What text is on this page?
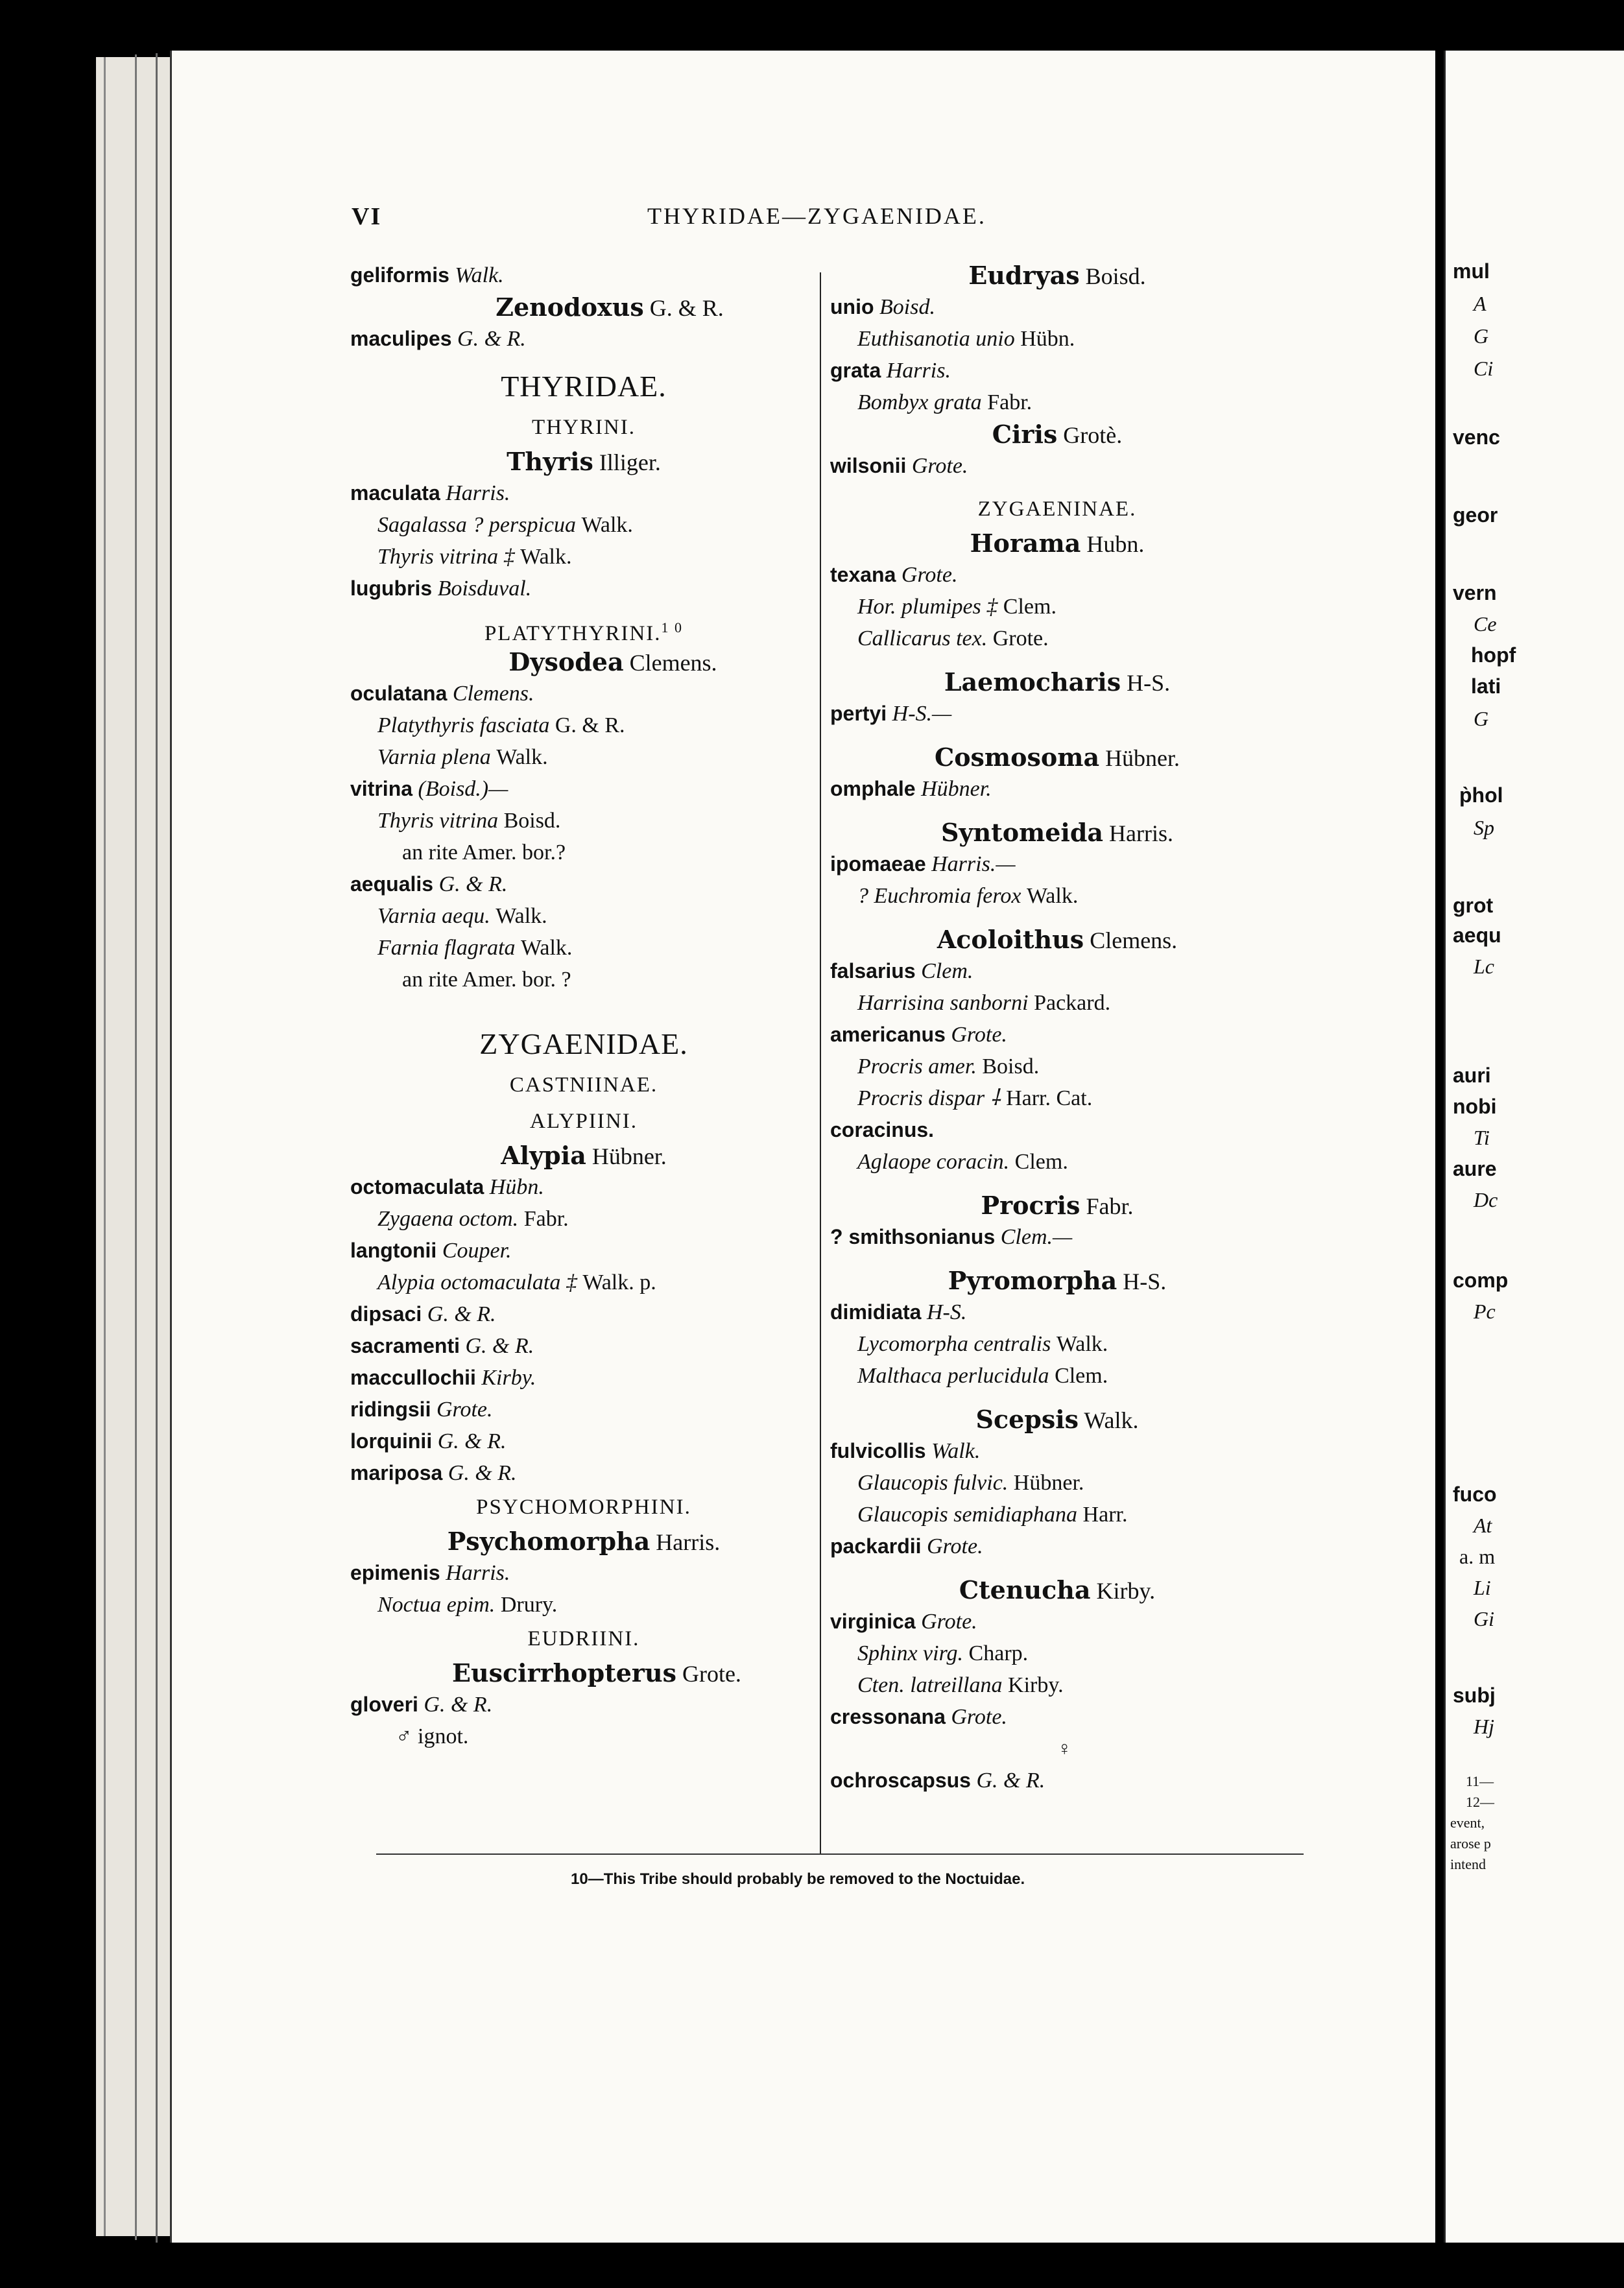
VI	THYRIDAE—ZYGAENIDAE.
geliformis Walk.
Zenodoxus G. & R.
maculipes G. & R.
THYRIDAE.
THYRINI.
Thyris Illiger.
maculata Harris.
Sagalassa ? perspicua Walk.
Thyris vitrina ‡ Walk.
lugubris Boisduval.
PLATYTHYRINI.$^{1 0}$
Dysodea Clemens.
oculatana Clemens.
Platythyris fasciata G. & R.
Varnia plena Walk.
vitrina (Boisd.)—
Thyris vitrina Boisd.
an rite Amer. bor.?
aequalis G. & R.
Varnia aequ. Walk.
Farnia flagrata Walk.
an rite Amer. bor. ?
ZYGAENIDAE.
CASTNIINAE.
ALYPIINI.
Alypia Hübner.
octomaculata Hübn.
Zygaena octom. Fabr.
langtonii Couper.
Alypia octomaculata ‡ Walk. p.
dipsaci G. & R.
sacramenti G. & R.
maccullochii Kirby.
ridingsii Grote.
lorquinii G. & R.
mariposa G. & R.
PSYCHOMORPHINI.
Psychomorpha Harris.
epimenis Harris.
Noctua epim. Drury.
EUDRIINI.
Euscirrhopterus Grote.
gloveri G. & R.
♂ ignot.
Eudryas Boisd.
unio Boisd.
Euthisanotia unio Hübn.
grata Harris.
Bombyx grata Fabr.
Ciris Grotè.
wilsonii Grote.
ZYGAENINAE.
Horama Hubn.
texana Grote.
Hor. plumipes ‡ Clem.
Callicarus tex. Grote.
Laemocharis H-S.
pertyi H-S.—
Cosmosoma Hübner.
omphale Hübner.
Syntomeida Harris.
ipomaeae Harris.—
? Euchromia ferox Walk.
Acoloithus Clemens.
falsarius Clem.
Harrisina sanborni Packard.
americanus Grote.
Procris amer. Boisd.
Procris dispar ⸸ Harr. Cat.
coracinus.
Aglaope coracin. Clem.
Procris Fabr.
? smithsonianus Clem.—
Pyromorpha H-S.
dimidiata H-S.
Lycomorpha centralis Walk.
Malthaca perlucidula Clem.
Scepsis Walk.
fulvicollis Walk.
Glaucopis fulvic. Hübner.
Glaucopis semidiaphana Harr.
packardii Grote.
Ctenucha Kirby.
virginica Grote.
Sphinx virg. Charp.
Cten. latreillana Kirby.
cressonana Grote.
♀
ochroscapsus G. & R.
10—This Tribe should probably be removed to the Noctuidae.
mul
A
G
Ci
venc
geor
vern
Ce
hopf
lati
G
p̀hol
Sp
grot
aequ
Lc
auri
nobi
Ti
aure
Dc
comp
Pc
fuco
At
a. m
Li
Gi
subj
Hj
11—
12—
event,
arose p
intend
